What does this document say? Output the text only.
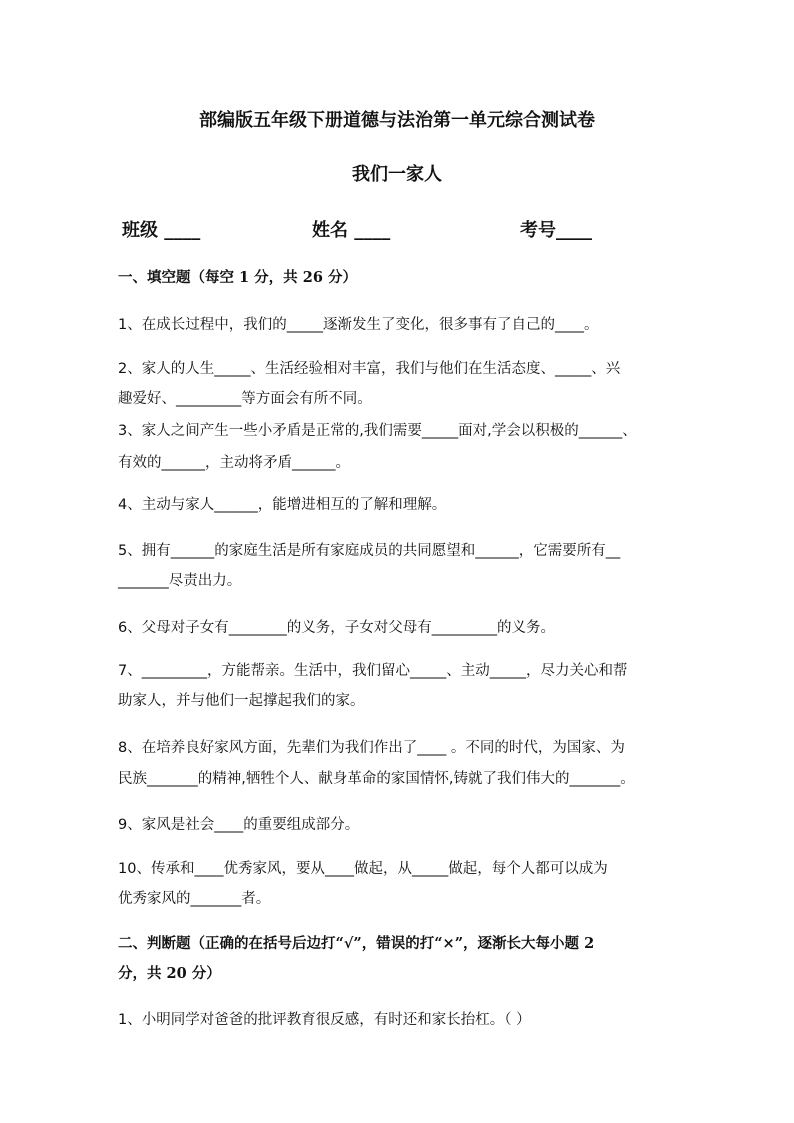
部编版五年级下册道德与法治第一单元综合测试卷
我们一家人
班级 ____	姓名 ____	考号____
一、填空题（每空 1 分，共 26 分）
1、在成长过程中，我们的_____逐渐发生了变化，很多事有了自己的____。
2、家人的人生_____、生活经验相对丰富，我们与他们在生活态度、_____、兴
趣爱好、_________等方面会有所不同。
3、家人之间产生一些小矛盾是正常的,我们需要_____面对,学会以积极的______、
有效的______，主动将矛盾______。
4、主动与家人______，能增进相互的了解和理解。
5、拥有______的家庭生活是所有家庭成员的共同愿望和______，它需要所有__
_______尽责出力。
6、父母对子女有________的义务，子女对父母有_________的义务。
7、_________，方能帮亲。生活中，我们留心_____、主动_____，尽力关心和帮
助家人，并与他们一起撑起我们的家。
8、在培养良好家风方面，先辈们为我们作出了____ 。不同的时代，为国家、为
民族_______的精神,牺牲个人、献身革命的家国情怀,铸就了我们伟大的_______。
9、家风是社会____的重要组成部分。
10、传承和____优秀家风，要从____做起，从_____做起，每个人都可以成为
优秀家风的_______者。
二、判断题（正确的在括号后边打“√”，错误的打“×”，逐渐长大每小题 2
分，共 20 分）
1、小明同学对爸爸的批评教育很反感，有时还和家长抬杠。（ ）
